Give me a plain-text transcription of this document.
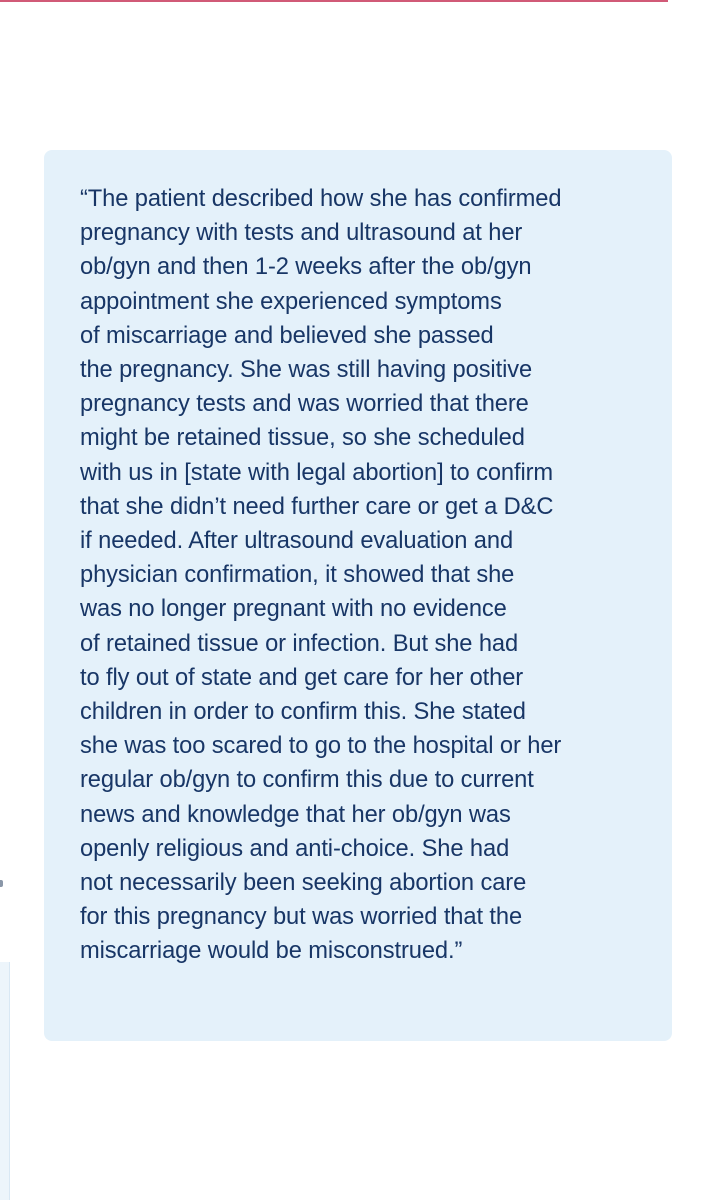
“The patient described how she has confirmed
pregnancy with tests and ultrasound at her
ob/gyn and then 1-2 weeks after the ob/gyn
appointment she experienced symptoms
of miscarriage and believed she passed
the pregnancy. She was still having positive
pregnancy tests and was worried that there
might be retained tissue, so she scheduled
with us in [state with legal abortion] to confirm
that she didn’t need further care or get a D&C
if needed. After ultrasound evaluation and
physician confirmation, it showed that she
was no longer pregnant with no evidence
of retained tissue or infection. But she had
to fly out of state and get care for her other
children in order to confirm this. She stated
she was too scared to go to the hospital or her
regular ob/gyn to confirm this due to current
news and knowledge that her ob/gyn was
openly religious and anti-choice. She had
not necessarily been seeking abortion care
for this pregnancy but was worried that the
miscarriage would be misconstrued.”
